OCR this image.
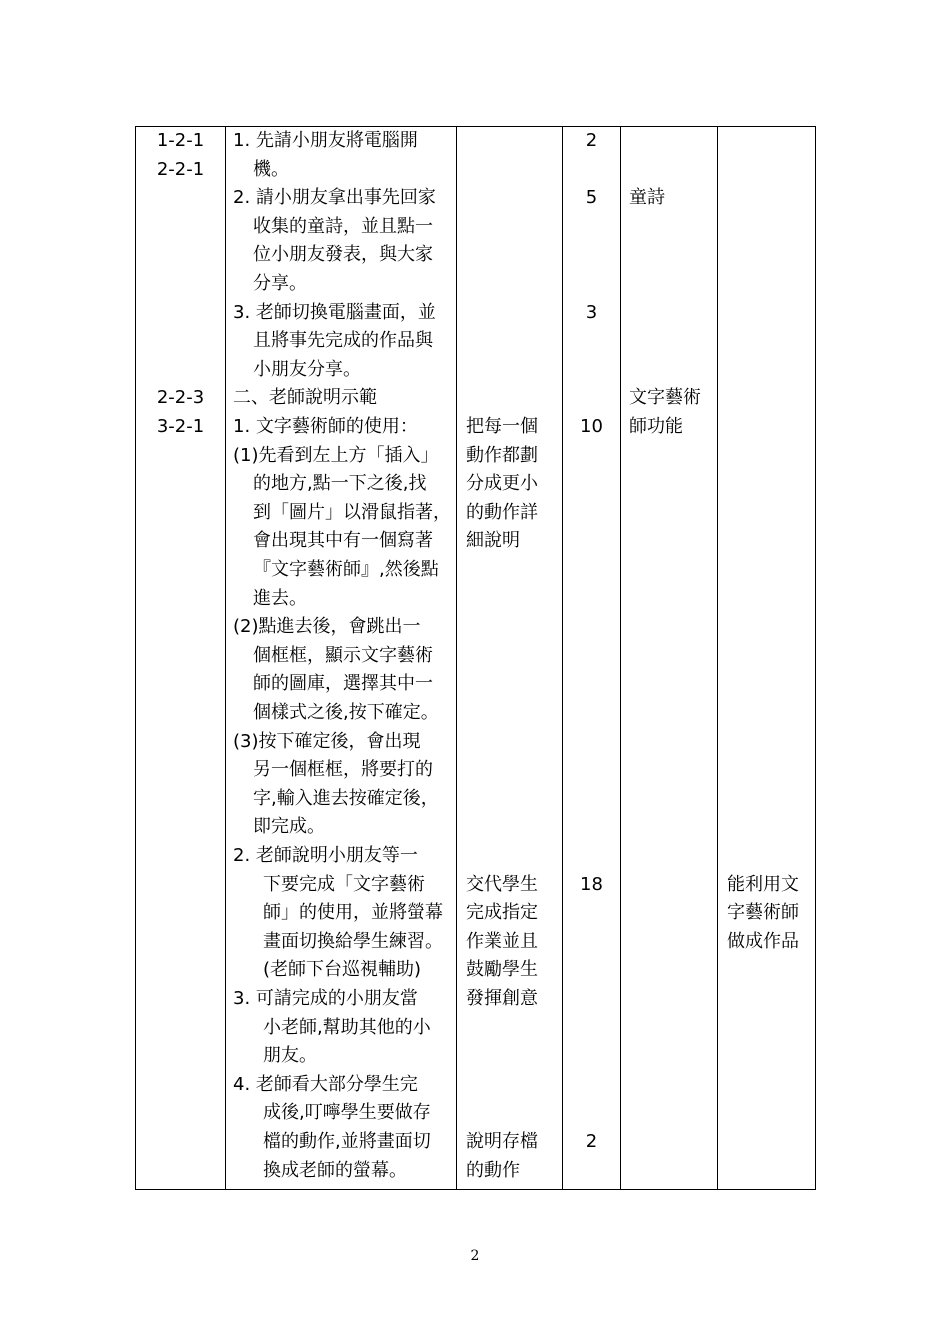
1-2-1
2-2-1
2-2-3
3-2-1
1. 先請小朋友將電腦開
機。
2. 請小朋友拿出事先回家
收集的童詩，並且點一
位小朋友發表，與大家
分享。
3. 老師切換電腦畫面，並
且將事先完成的作品與
小朋友分享。
二、老師說明示範
1. 文字藝術師的使用：
(1)先看到左上方「插入」
的地方,點一下之後,找
到「圖片」以滑鼠指著，
會出現其中有一個寫著
『文字藝術師』,然後點
進去。
(2)點進去後，會跳出一
個框框，顯示文字藝術
師的圖庫，選擇其中一
個樣式之後,按下確定。
(3)按下確定後，會出現
另一個框框，將要打的
字,輸入進去按確定後，
即完成。
2. 老師說明小朋友等一
下要完成「文字藝術
師」的使用，並將螢幕
畫面切換給學生練習。
(老師下台巡視輔助)
3. 可請完成的小朋友當
小老師,幫助其他的小
朋友。
4. 老師看大部分學生完
成後,叮嚀學生要做存
檔的動作,並將畫面切
換成老師的螢幕。
把每一個
動作都劃
分成更小
的動作詳
細說明
交代學生
完成指定
作業並且
鼓勵學生
發揮創意
說明存檔
的動作
2
5
3
10
18
2
童詩
文字藝術
師功能
能利用文
字藝術師
做成作品
2
